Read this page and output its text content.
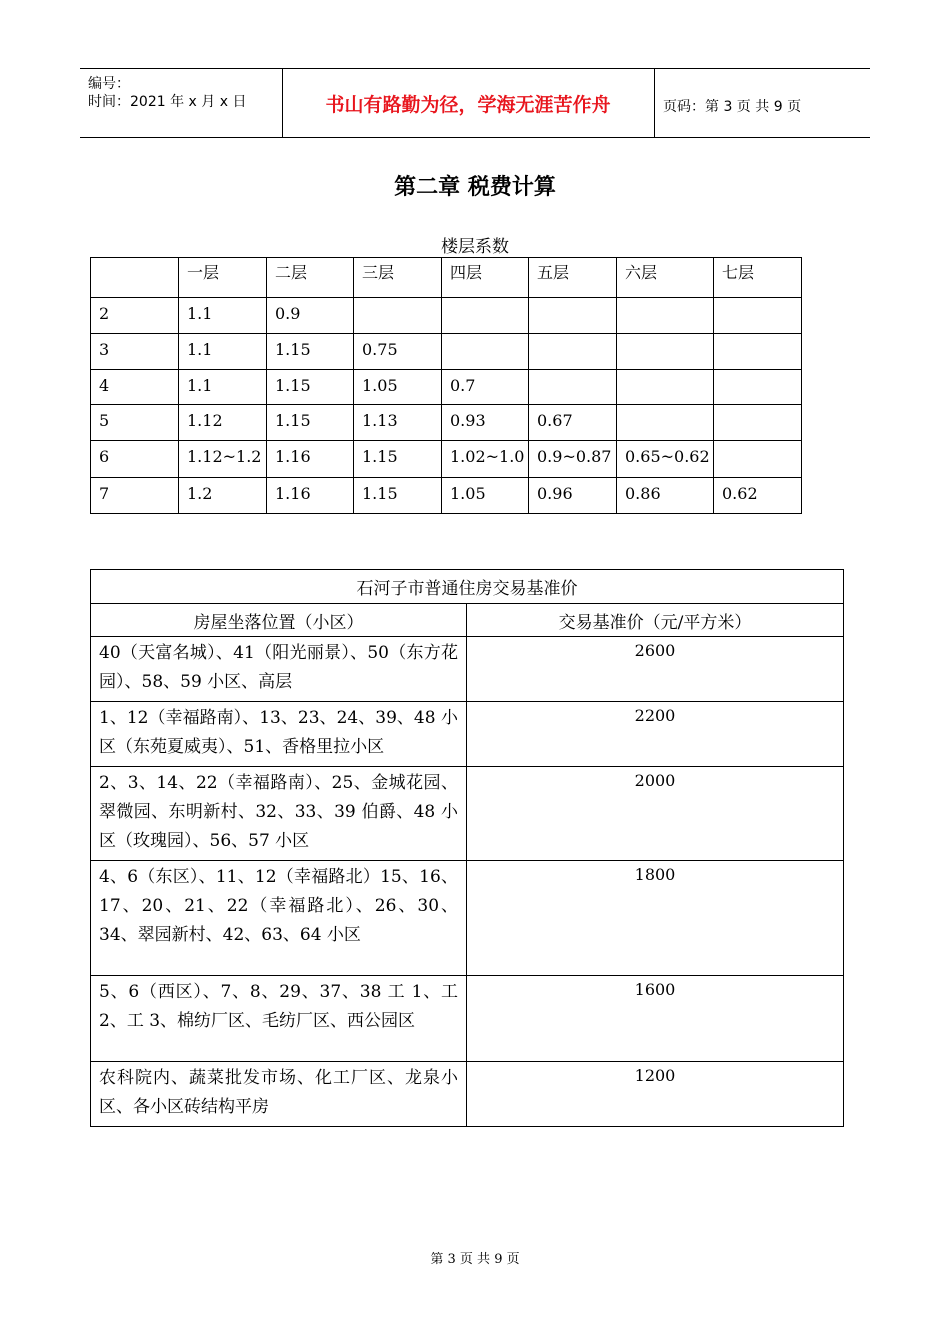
编号：
时间：2021 年 x 月 x 日	书山有路勤为径，学海无涯苦作舟	页码：第 3 页 共 9 页
第二章 税费计算
楼层系数
	一层	二层	三层	四层	五层	六层	七层
2	1.1	0.9					
3	1.1	1.15	0.75				
4	1.1	1.15	1.05	0.7			
5	1.12	1.15	1.13	0.93	0.67		
6	1.12~1.2	1.16	1.15	1.02~1.0	0.9~0.87	0.65~0.62	
7	1.2	1.16	1.15	1.05	0.96	0.86	0.62
石河子市普通住房交易基准价	
房屋坐落位置（小区）	交易基准价（元/平方米）
40（天富名城）、41（阳光丽景）、50（东方花园）、58、59 小区、高层	2600
1、12（幸福路南）、13、23、24、39、48 小区（东苑夏威夷）、51、香格里拉小区	2200
2、3、14、22（幸福路南）、25、金城花园、翠微园、东明新村、32、33、39 伯爵、48 小区（玫瑰园）、56、57 小区	2000
4、6（东区）、11、12（幸福路北）15、16、17、20、21、22（幸福路北）、26、30、34、翠园新村、42、63、64 小区	1800
5、6（西区）、7、8、29、37、38 工 1、工 2、工 3、棉纺厂区、毛纺厂区、西公园区	1600
农科院内、蔬菜批发市场、化工厂区、龙泉小区、各小区砖结构平房	1200
第 3 页 共 9 页
